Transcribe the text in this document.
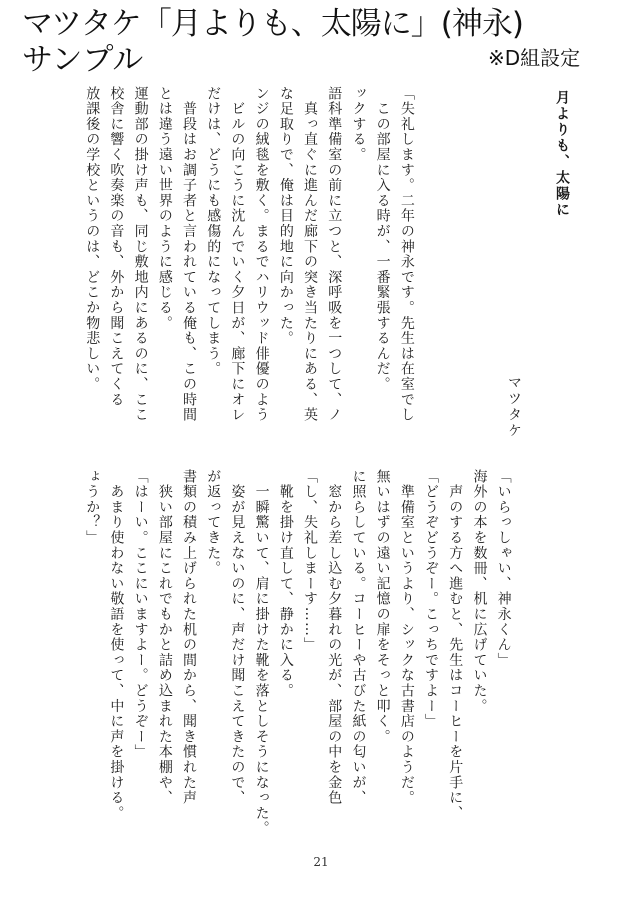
マツタケ「月よりも、太陽に」(神永)
サンプル	※D組設定
月よりも、太陽に
マツタケ
「失礼します。二年の神永です。先生は在室でし
　この部屋に入る時が、一番緊張するんだ。
ックする。
語科準備室の前に立つと、深呼吸を一つして、ノ
　真っ直ぐに進んだ廊下の突き当たりにある、英
な足取りで、俺は目的地に向かった。
ンジの絨毯を敷く。まるでハリウッド俳優のよう
　ビルの向こうに沈んでいく夕日が、廊下にオレ
だけは、どうにも感傷的になってしまう。
　普段はお調子者と言われている俺も、この時間
とは違う遠い世界のように感じる。
運動部の掛け声も、同じ敷地内にあるのに、ここ
校舎に響く吹奏楽の音も、外から聞こえてくる
放課後の学校というのは、どこか物悲しい。
「いらっしゃい、神永くん」
海外の本を数冊、机に広げていた。
　声のする方へ進むと、先生はコーヒーを片手に、
「どうぞどうぞー。こっちですよー」
　準備室というより、シックな古書店のようだ。
無いはずの遠い記憶の扉をそっと叩く。
に照らしている。コーヒーや古びた紙の匂いが、
　窓から差し込む夕暮れの光が、部屋の中を金色
「し、失礼しまーす……」
　靴を掛け直して、静かに入る。
　一瞬驚いて、肩に掛けた靴を落としそうになった。
　姿が見えないのに、声だけ聞こえてきたので、
が返ってきた。
書類の積み上げられた机の間から、聞き慣れた声
　狭い部屋にこれでもかと詰め込まれた本棚や、
「はーい。ここにいますよー。どうぞー」
　あまり使わない敬語を使って、中に声を掛ける。
ょうか？」
21
